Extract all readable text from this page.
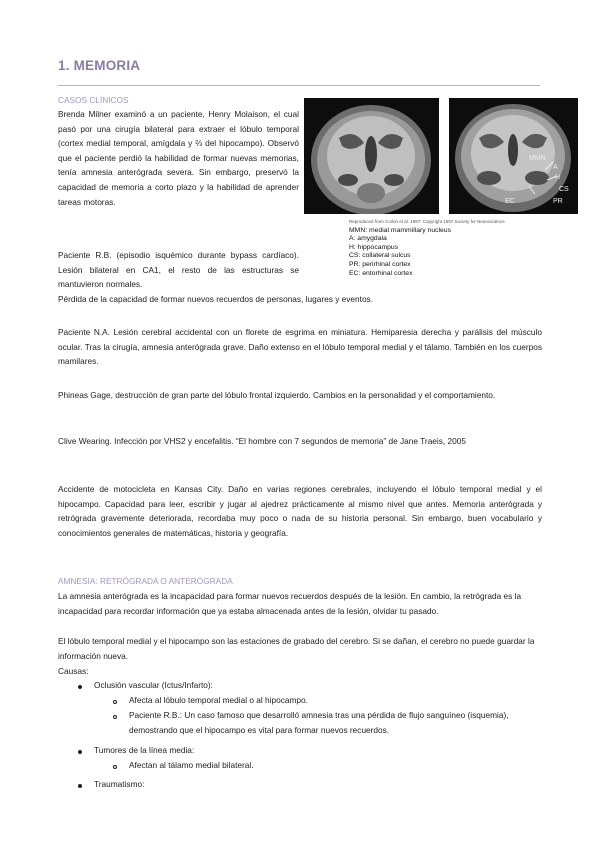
1. MEMORIA
CASOS CLÍNICOS
Brenda Milner examinó a un paciente, Henry Molaison, el cual pasó por una cirugía bilateral para extraer el lóbulo temporal (cortex medial temporal, amígdala y ⅔ del hipocampo). Observó que el paciente perdió la habilidad de formar nuevas memorias, tenía amnesia anterógrada severa. Sin embargo, preservó la capacidad de memoria a corto plazo y la habilidad de aprender tareas motoras.
MMN
A
H
CS
PR
EC
Reproduced from Corkin et al. 1997; Copyright 1997 Society for Neuroscience
MMN: medial mammillary nucleus
A: amygdala
H: hippocampus
CS: collateral sulcus
PR: perirhinal cortex
EC: entorhinal cortex
Paciente R.B. (episodio isquémico durante bypass cardíaco). Lesión bilateral en CA1, el resto de las estructuras se mantuvieron normales.
Pérdida de la capacidad de formar nuevos recuerdos de personas, lugares y eventos.
Paciente N.A. Lesión cerebral accidental con un florete de esgrima en miniatura. Hemiparesia derecha y parálisis del músculo ocular. Tras la cirugía, amnesia anterógrada grave. Daño extenso en el lóbulo temporal medial y el tálamo. También en los cuerpos mamilares.
Phineas Gage, destrucción de gran parte del lóbulo frontal izquierdo. Cambios en la personalidad y el comportamiento.
Clive Wearing. Infección por VHS2 y encefalitis. “El hombre con 7 segundos de memoria” de Jane Traeis, 2005
Accidente de motocicleta en Kansas City. Daño en varias regiones cerebrales, incluyendo el lóbulo temporal medial y el hipocampo. Capacidad para leer, escribir y jugar al ajedrez prácticamente al mismo nivel que antes. Memoria anterógrada y retrógrada gravemente deteriorada, recordaba muy poco o nada de su historia personal. Sin embargo, buen vocabulario y conocimientos generales de matemáticas, historia y geografía.
AMNESIA: RETRÓGRADA O ANTERÓGRADA
La amnesia anterógrada es la incapacidad para formar nuevos recuerdos después de la lesión. En cambio, la retrógrada es la incapacidad para recordar información que ya estaba almacenada antes de la lesión, olvidar tu pasado.
El lóbulo temporal medial y el hipocampo son las estaciones de grabado del cerebro. Si se dañan, el cerebro no puede guardar la información nueva.
Causas:
Oclusión vascular (Ictus/Infarto):
Afecta al lóbulo temporal medial o al hipocampo.
Paciente R.B.: Un caso famoso que desarrolló amnesia tras una pérdida de flujo sanguíneo (isquemia), demostrando que el hipocampo es vital para formar nuevos recuerdos.
Tumores de la línea media:
Afectan al tálamo medial bilateral.
Traumatismo:
